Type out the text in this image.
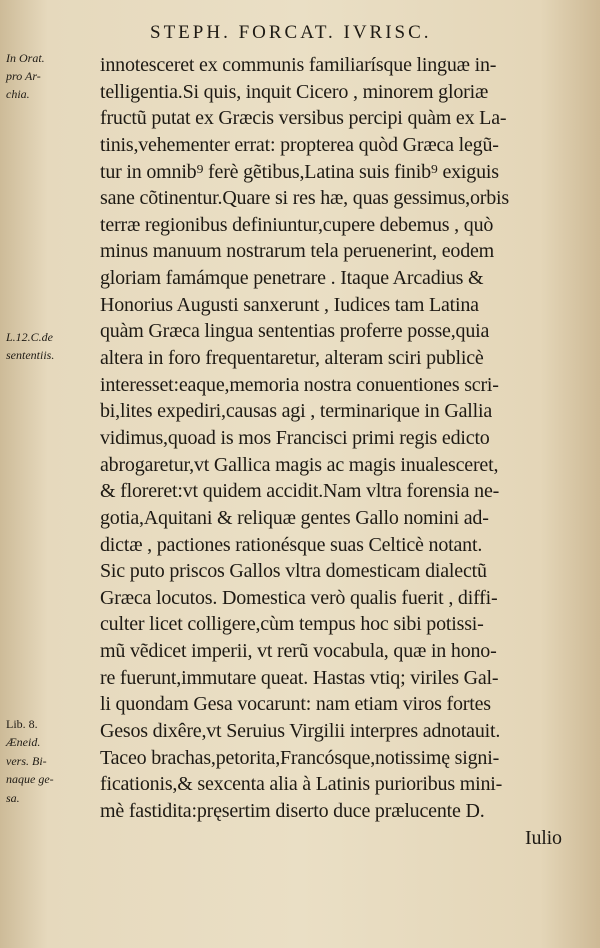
STEPH. FORCAT. IVRISC.
In Orat.
pro Ar-
chia.
L.12.C.de
sententiis.
Lib. 8.
Æneid.
vers. Bi-
naque ge-
sa.
innotesceret ex communis familiarísque linguæ in-
telligentia.Si quis, inquit Cicero , minorem gloriæ
fructũ putat ex Græcis versibus percipi quàm ex La-
tinis,vehementer errat: propterea quòd Græca legũ-
tur in omnib⁹ ferè gẽtibus,Latina suis finib⁹ exiguis
sane cõtinentur.Quare si res hæ, quas gessimus,orbis
terræ regionibus definiuntur,cupere debemus , quò
minus manuum nostrarum tela peruenerint, eodem
gloriam famámque penetrare . Itaque Arcadius &
Honorius Augusti sanxerunt , Iudices tam Latina
quàm Græca lingua sententias proferre posse,quia
altera in foro frequentaretur, alteram sciri publicè
interesset:eaque,memoria nostra conuentiones scri-
bi,lites expediri,causas agi , terminarique in Gallia
vidimus,quoad is mos Francisci primi regis edicto
abrogaretur,vt Gallica magis ac magis inualesceret,
& floreret:vt quidem accidit.Nam vltra forensia ne-
gotia,Aquitani & reliquæ gentes Gallo nomini ad-
dictæ , pactiones rationésque suas Celticè notant.
Sic puto priscos Gallos vltra domesticam dialectũ
Græca locutos. Domestica verò qualis fuerit , diffi-
culter licet colligere,cùm tempus hoc sibi potissi-
mũ vẽdicet imperii, vt rerũ vocabula, quæ in hono-
re fuerunt,immutare queat. Hastas vtiq; viriles Gal-
li quondam Gesa vocarunt: nam etiam viros fortes
Gesos dixêre,vt Seruius Virgilii interpres adnotauit.
Taceo brachas,petorita,Francósque,notissimę signi-
ficationis,& sexcenta alia à Latinis purioribus mini-
mè fastidita:pręsertim diserto duce prælucente D.
Iulio
